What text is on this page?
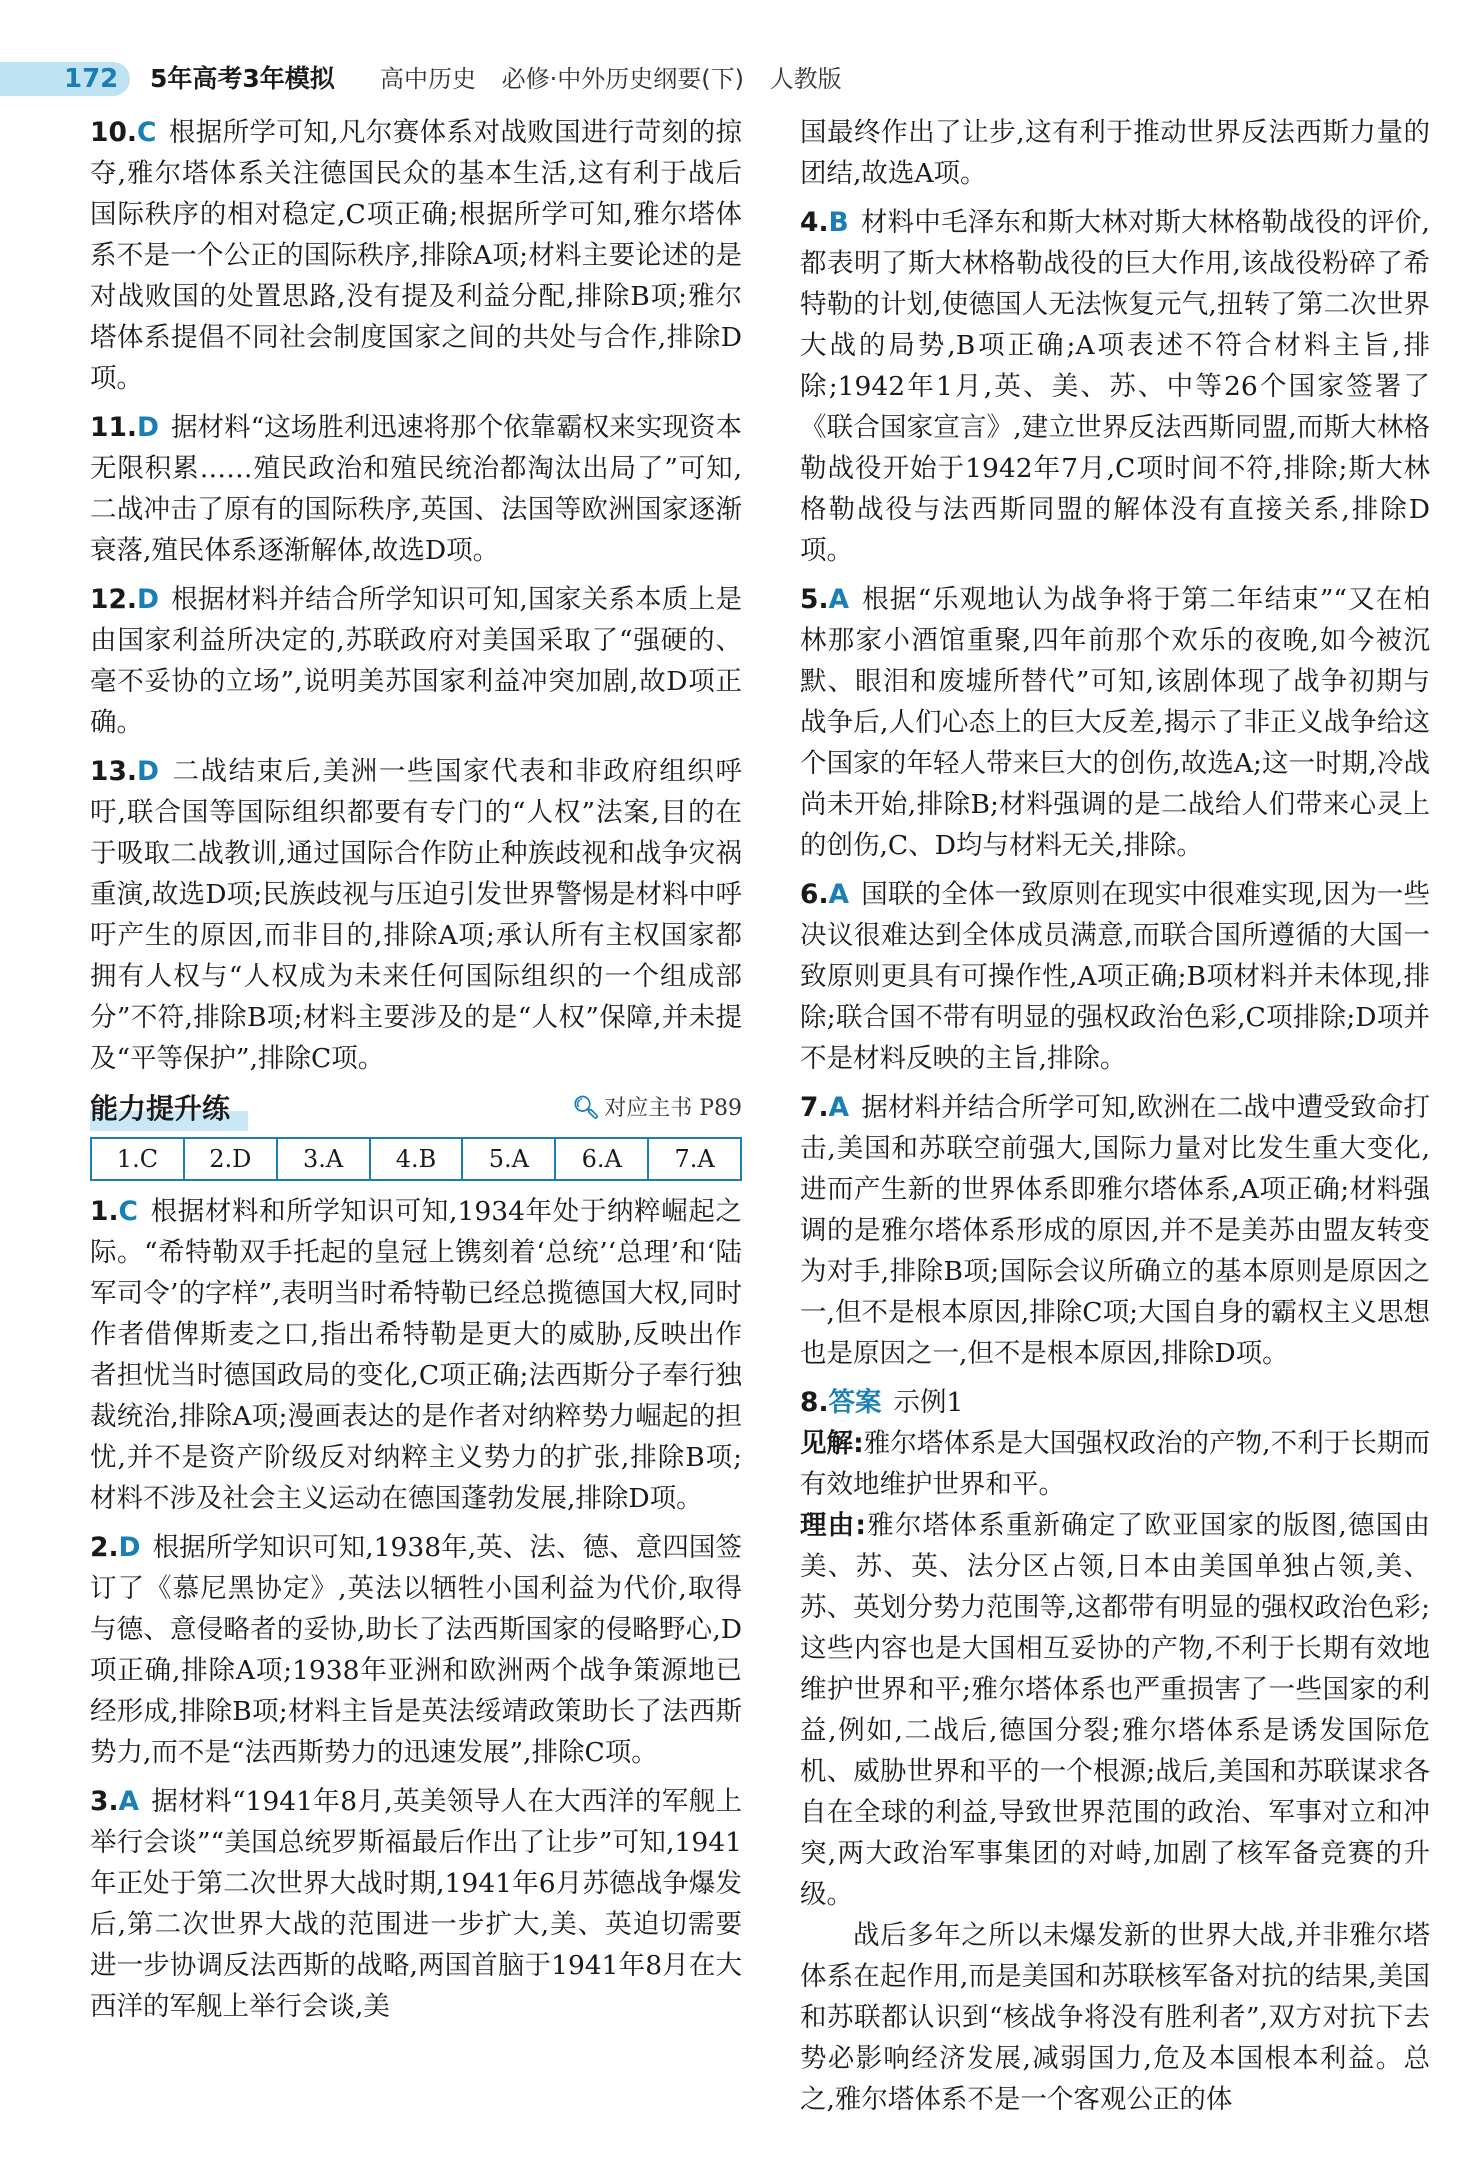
172	5年高考3年模拟 高中历史 必修·中外历史纲要(下) 人教版

10.C 根据所学可知,凡尔赛体系对战败国进行苛刻的掠夺,雅尔塔体系关注德国民众的基本生活,这有利于战后国际秩序的相对稳定,C项正确;根据所学可知,雅尔塔体系不是一个公正的国际秩序,排除A项;材料主要论述的是对战败国的处置思路,没有提及利益分配,排除B项;雅尔塔体系提倡不同社会制度国家之间的共处与合作,排除D项。

11.D 据材料“这场胜利迅速将那个依靠霸权来实现资本无限积累……殖民政治和殖民统治都淘汰出局了”可知,二战冲击了原有的国际秩序,英国、法国等欧洲国家逐渐衰落,殖民体系逐渐解体,故选D项。

12.D 根据材料并结合所学知识可知,国家关系本质上是由国家利益所决定的,苏联政府对美国采取了“强硬的、毫不妥协的立场”,说明美苏国家利益冲突加剧,故D项正确。

13.D 二战结束后,美洲一些国家代表和非政府组织呼吁,联合国等国际组织都要有专门的“人权”法案,目的在于吸取二战教训,通过国际合作防止种族歧视和战争灾祸重演,故选D项;民族歧视与压迫引发世界警惕是材料中呼吁产生的原因,而非目的,排除A项;承认所有主权国家都拥有人权与“人权成为未来任何国际组织的一个组成部分”不符,排除B项;材料主要涉及的是“人权”保障,并未提及“平等保护”,排除C项。

能力提升练	🔍︎ 对应主书 P89
1.C	2.D	3.A	4.B	5.A	6.A	7.A

1.C 根据材料和所学知识可知,1934年处于纳粹崛起之际。“希特勒双手托起的皇冠上镌刻着‘总统’‘总理’和‘陆军司令’的字样”,表明当时希特勒已经总揽德国大权,同时作者借俾斯麦之口,指出希特勒是更大的威胁,反映出作者担忧当时德国政局的变化,C项正确;法西斯分子奉行独裁统治,排除A项;漫画表达的是作者对纳粹势力崛起的担忧,并不是资产阶级反对纳粹主义势力的扩张,排除B项;材料不涉及社会主义运动在德国蓬勃发展,排除D项。

2.D 根据所学知识可知,1938年,英、法、德、意四国签订了《慕尼黑协定》,英法以牺牲小国利益为代价,取得与德、意侵略者的妥协,助长了法西斯国家的侵略野心,D项正确,排除A项;1938年亚洲和欧洲两个战争策源地已经形成,排除B项;材料主旨是英法绥靖政策助长了法西斯势力,而不是“法西斯势力的迅速发展”,排除C项。

3.A 据材料“1941年8月,英美领导人在大西洋的军舰上举行会谈”“美国总统罗斯福最后作出了让步”可知,1941年正处于第二次世界大战时期,1941年6月苏德战争爆发后,第二次世界大战的范围进一步扩大,美、英迫切需要进一步协调反法西斯的战略,两国首脑于1941年8月在大西洋的军舰上举行会谈,美

国最终作出了让步,这有利于推动世界反法西斯力量的团结,故选A项。

4.B 材料中毛泽东和斯大林对斯大林格勒战役的评价,都表明了斯大林格勒战役的巨大作用,该战役粉碎了希特勒的计划,使德国人无法恢复元气,扭转了第二次世界大战的局势,B项正确;A项表述不符合材料主旨,排除;1942年1月,英、美、苏、中等26个国家签署了《联合国家宣言》,建立世界反法西斯同盟,而斯大林格勒战役开始于1942年7月,C项时间不符,排除;斯大林格勒战役与法西斯同盟的解体没有直接关系,排除D项。

5.A 根据“乐观地认为战争将于第二年结束”“又在柏林那家小酒馆重聚,四年前那个欢乐的夜晚,如今被沉默、眼泪和废墟所替代”可知,该剧体现了战争初期与战争后,人们心态上的巨大反差,揭示了非正义战争给这个国家的年轻人带来巨大的创伤,故选A;这一时期,冷战尚未开始,排除B;材料强调的是二战给人们带来心灵上的创伤,C、D均与材料无关,排除。

6.A 国联的全体一致原则在现实中很难实现,因为一些决议很难达到全体成员满意,而联合国所遵循的大国一致原则更具有可操作性,A项正确;B项材料并未体现,排除;联合国不带有明显的强权政治色彩,C项排除;D项并不是材料反映的主旨,排除。

7.A 据材料并结合所学可知,欧洲在二战中遭受致命打击,美国和苏联空前强大,国际力量对比发生重大变化,进而产生新的世界体系即雅尔塔体系,A项正确;材料强调的是雅尔塔体系形成的原因,并不是美苏由盟友转变为对手,排除B项;国际会议所确立的基本原则是原因之一,但不是根本原因,排除C项;大国自身的霸权主义思想也是原因之一,但不是根本原因,排除D项。

8.答案 示例1

见解:雅尔塔体系是大国强权政治的产物,不利于长期而有效地维护世界和平。

理由:雅尔塔体系重新确定了欧亚国家的版图,德国由美、苏、英、法分区占领,日本由美国单独占领,美、苏、英划分势力范围等,这都带有明显的强权政治色彩;这些内容也是大国相互妥协的产物,不利于长期有效地维护世界和平;雅尔塔体系也严重损害了一些国家的利益,例如,二战后,德国分裂;雅尔塔体系是诱发国际危机、威胁世界和平的一个根源;战后,美国和苏联谋求各自在全球的利益,导致世界范围的政治、军事对立和冲突,两大政治军事集团的对峙,加剧了核军备竞赛的升级。

战后多年之所以未爆发新的世界大战,并非雅尔塔体系在起作用,而是美国和苏联核军备对抗的结果,美国和苏联都认识到“核战争将没有胜利者”,双方对抗下去势必影响经济发展,减弱国力,危及本国根本利益。总之,雅尔塔体系不是一个客观公正的体
